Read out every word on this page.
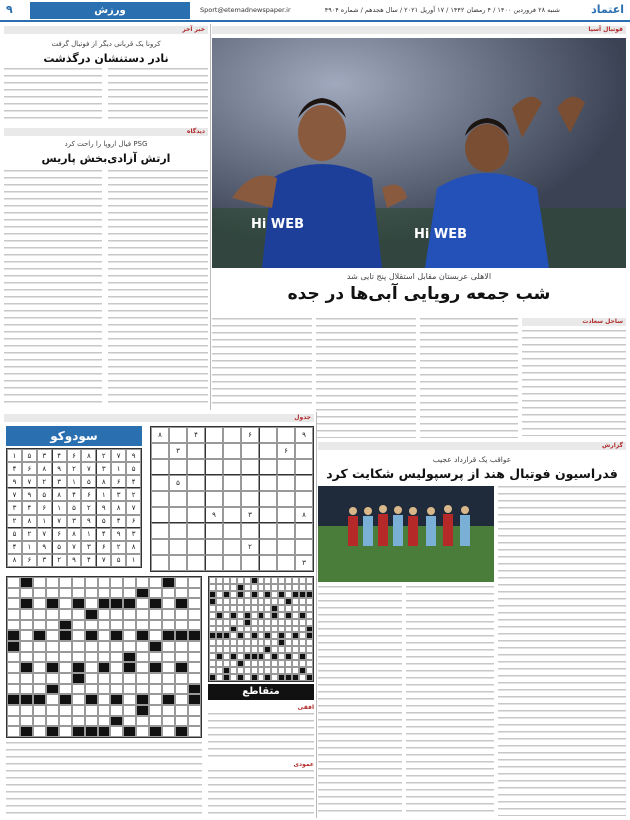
اعتماد
شنبه ۲۸ فروردین ۱۴۰۰ / ۴ رمضان ۱۴۴۲ / ۱۷ آوریل ۲۰۲۱ / سال هجدهم / شماره ۴۹۰۴
Sport@etemadnewspaper.ir
ورزش
۹
خبر آخر
کرونا یک قربانی دیگر از فوتبال گرفت
نادر دستنشان درگذشت
دیدگاه
PSG فیال اروپا را راحت کرد
ارتش آزادی‌بخش پاریس
فوتبال آسیا
Hi WEB
Hi WEB
الاهلی عربستان مقابل استقلال پنج تایی شد
شب جمعه رویایی آبی‌ها در جده
ساحل سعادت
گزارش
عواقب یک قرارداد عجیب
فدراسیون فوتبال هند از پرسپولیس شکایت کرد
جدول
سودوکو
۹
۷
۲
۸
۶
۴
۳
۵
۱
۵
۱
۳
۷
۲
۹
۸
۶
۴
۴
۶
۸
۵
۱
۳
۲
۷
۹
۲
۳
۱
۶
۴
۸
۵
۹
۷
۷
۸
۹
۲
۵
۱
۶
۴
۳
۶
۴
۵
۹
۳
۷
۱
۸
۲
۳
۹
۴
۱
۸
۶
۷
۲
۵
۸
۲
۶
۳
۷
۵
۹
۱
۴
۱
۵
۷
۴
۹
۲
۳
۶
۸
۹
۶
۴
۸
۶
۳
۵
۸
۳
۹
۲
۳
متقاطع
افقی
عمودی
